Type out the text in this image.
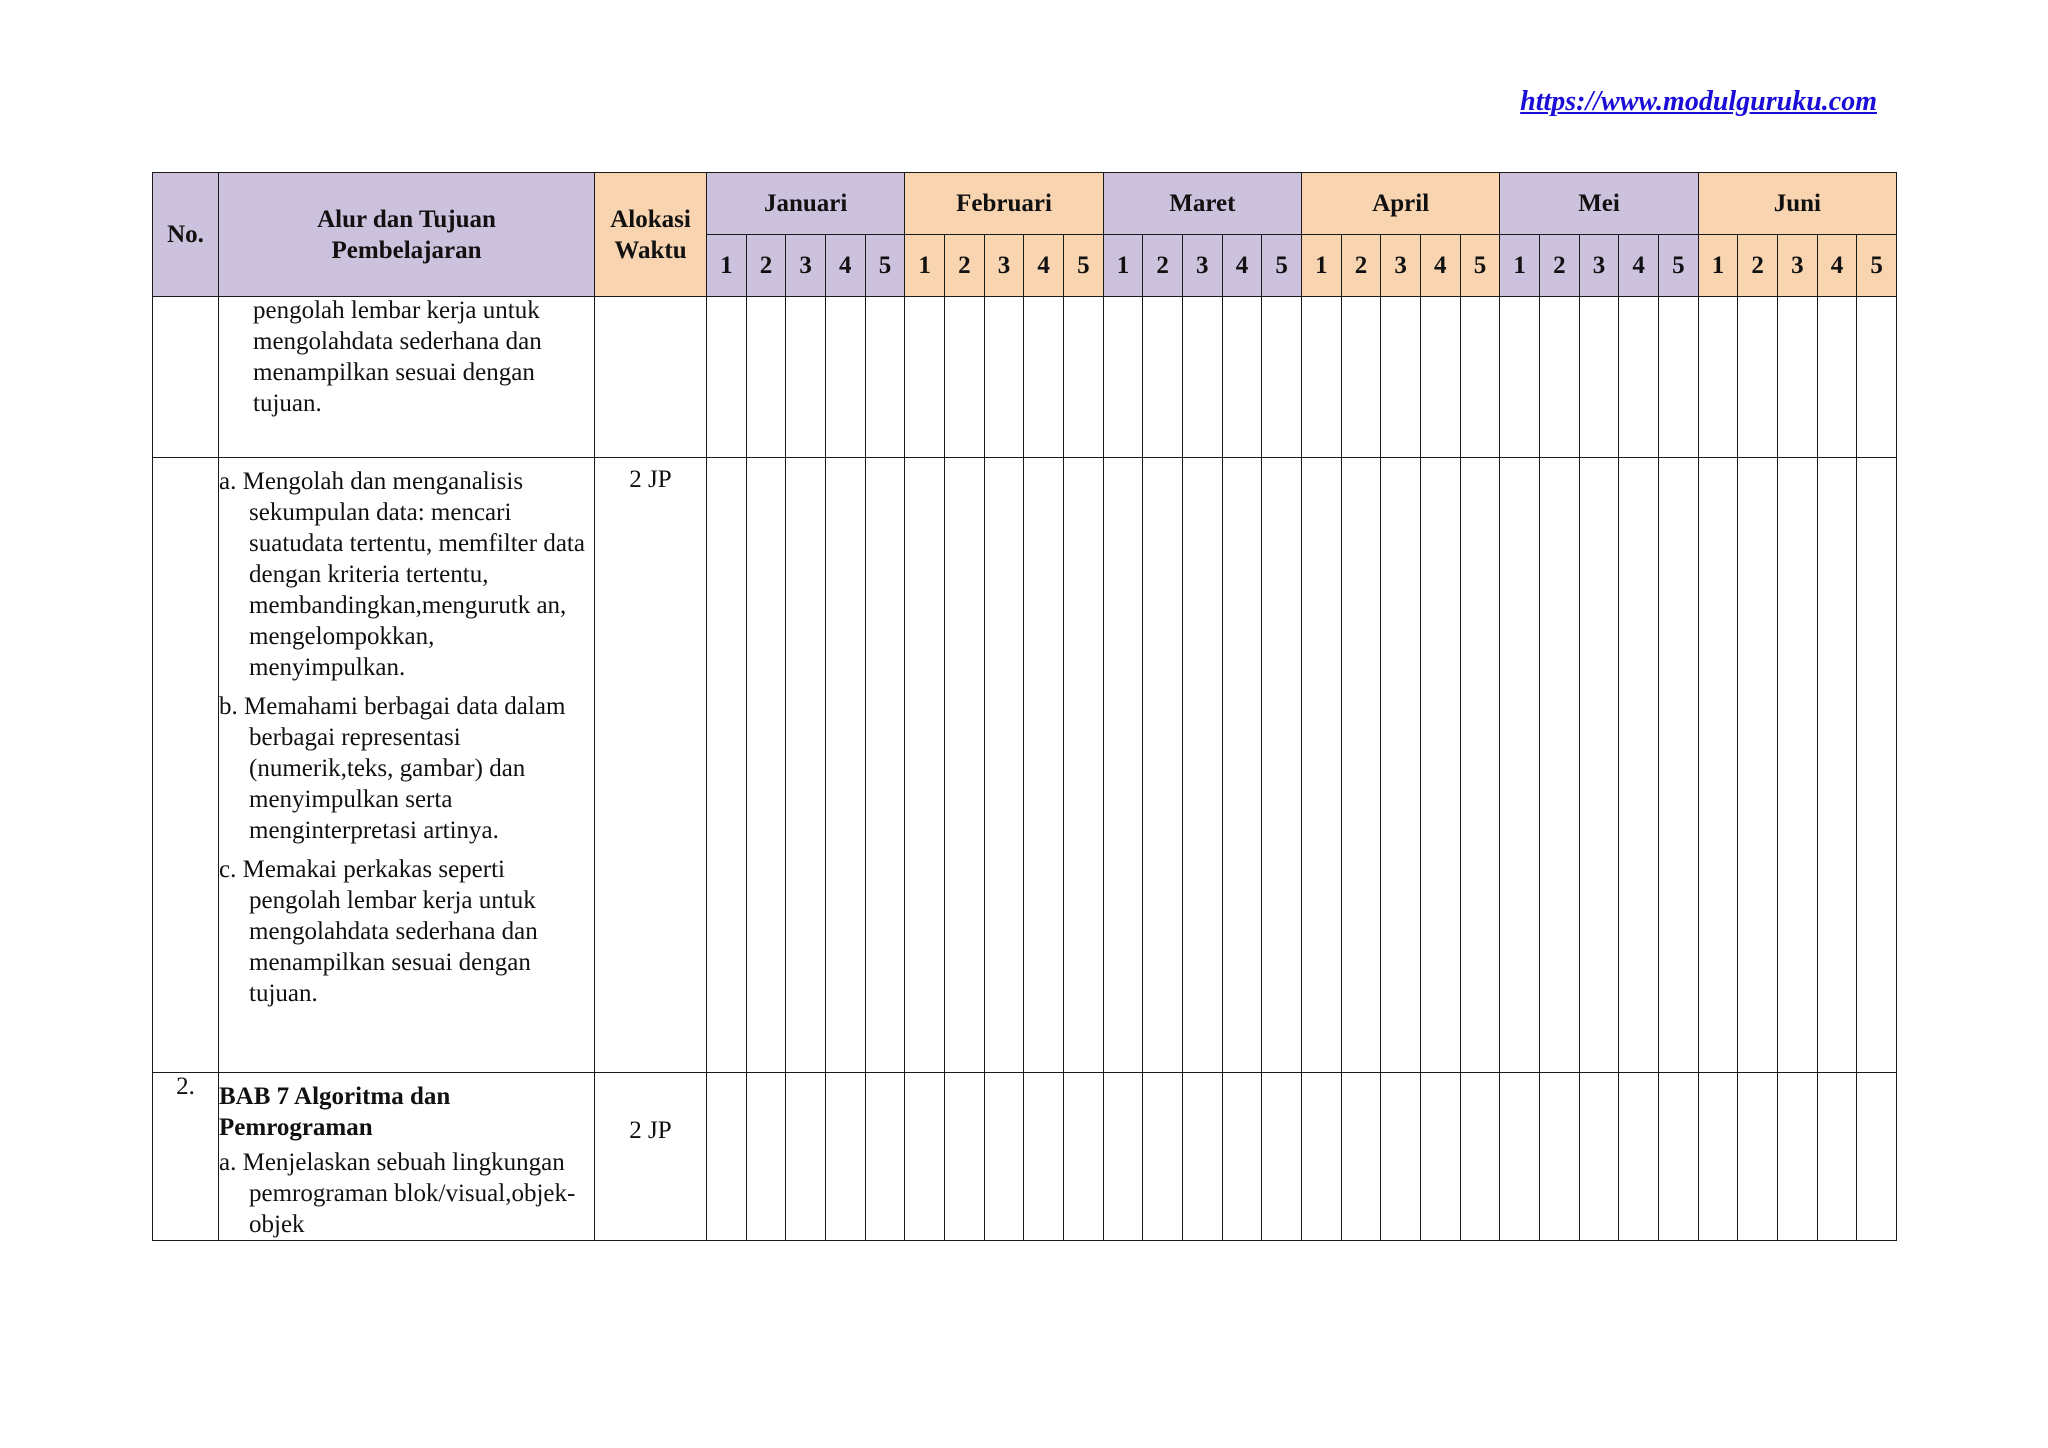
https://www.modulguruku.com
No.	Alur dan Tujuan Pembelajaran	Alokasi Waktu	Januari					Februari					Maret					April					Mei					Juni				
			1	2	3	4	5	1	2	3	4	5	1	2	3	4	5	1	2	3	4	5	1	2	3	4	5	1	2	3	4	5

	pengolah lembar kerja untuk mengolahdata sederhana dan menampilkan sesuai dengan tujuan.																															

	a. Mengolah dan menganalisis sekumpulan data: mencari suatudata tertentu, memfilter data dengan kriteria tertentu, membandingkan,mengurutk an, mengelompokkan, menyimpulkan.
b. Memahami berbagai data dalam berbagai representasi (numerik,teks, gambar) dan menyimpulkan serta menginterpretasi artinya.
c. Memakai perkakas seperti pengolah lembar kerja untuk mengolahdata sederhana dan menampilkan sesuai dengan tujuan.	2 JP																														
2.	BAB 7 Algoritma dan Pemrograman
a. Menjelaskan sebuah lingkungan pemrograman blok/visual,objek-objek	2 JP																														
